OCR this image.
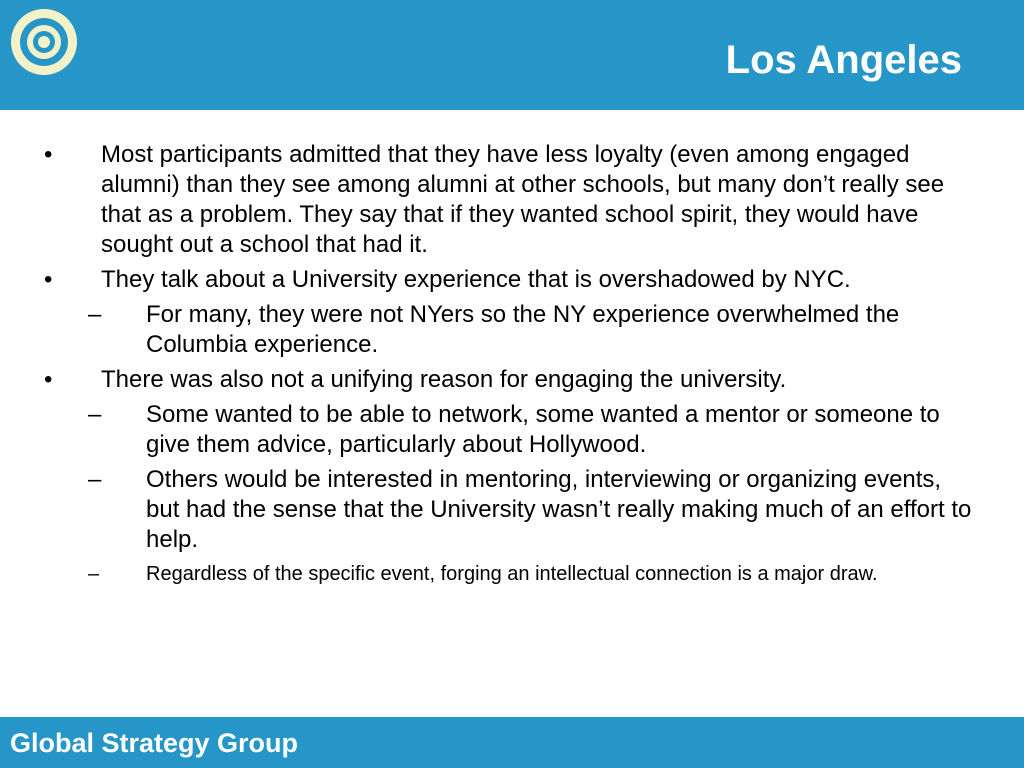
Los Angeles
• Most participants admitted that they have less loyalty (even among engaged alumni) than they see among alumni at other schools, but many don’t really see that as a problem. They say that if they wanted school spirit, they would have sought out a school that had it.
• They talk about a University experience that is overshadowed by NYC.
– For many, they were not NYers so the NY experience overwhelmed the Columbia experience.
• There was also not a unifying reason for engaging the university.
– Some wanted to be able to network, some wanted a mentor or someone to give them advice, particularly about Hollywood.
– Others would be interested in mentoring, interviewing or organizing events, but had the sense that the University wasn’t really making much of an effort to help.
– Regardless of the specific event, forging an intellectual connection is a major draw.
Global Strategy Group
